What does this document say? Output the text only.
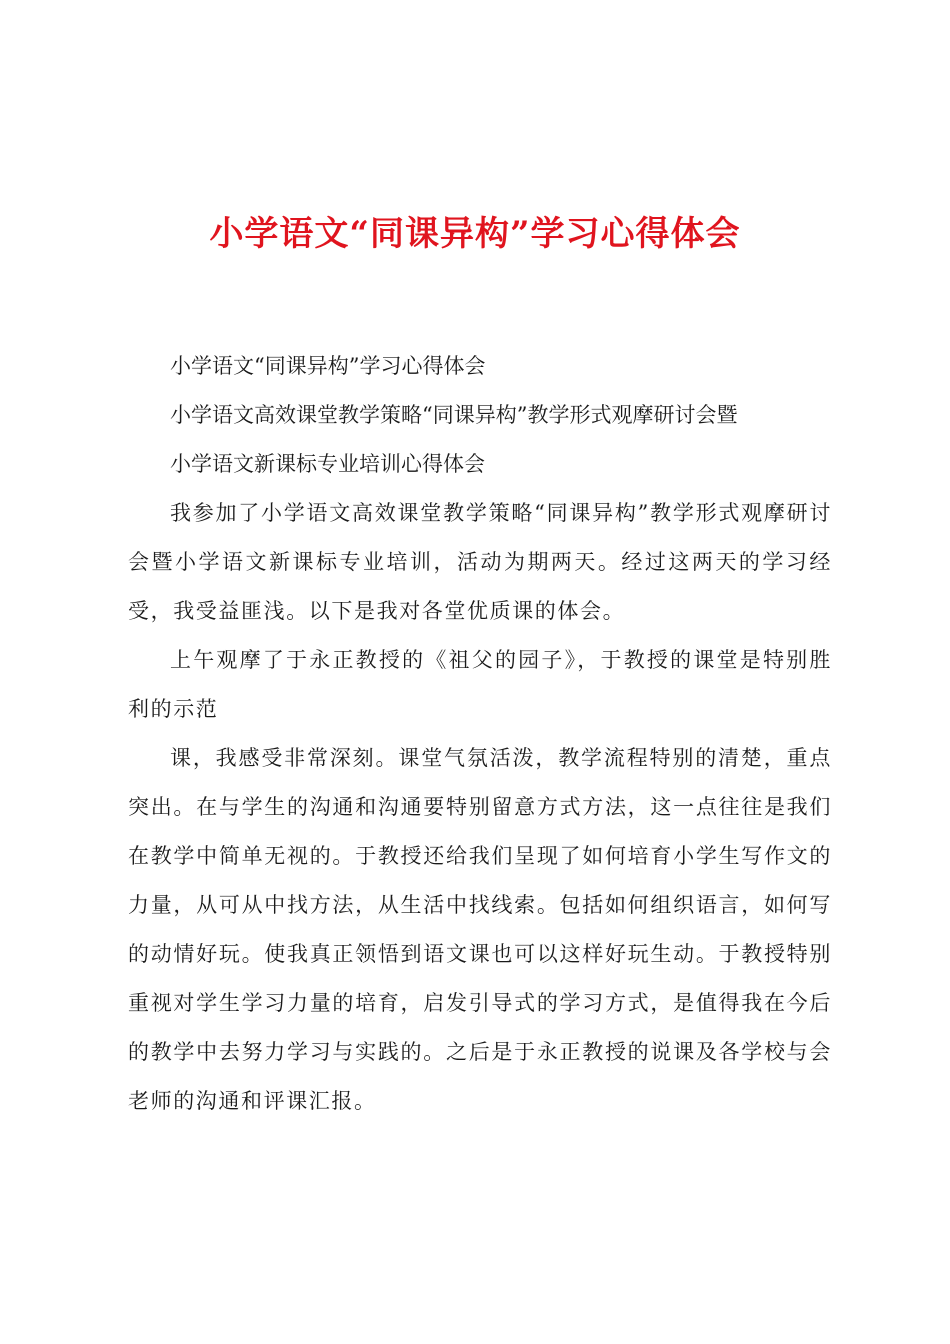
小学语文“同课异构”学习心得体会

小学语文“同课异构”学习心得体会

小学语文高效课堂教学策略“同课异构”教学形式观摩研讨会暨

小学语文新课标专业培训心得体会

我参加了小学语文高效课堂教学策略“同课异构”教学形式观摩研讨会暨小学语文新课标专业培训，活动为期两天。经过这两天的学习经受，我受益匪浅。以下是我对各堂优质课的体会。

上午观摩了于永正教授的《祖父的园子》，于教授的课堂是特别胜利的示范

课，我感受非常深刻。课堂气氛活泼，教学流程特别的清楚，重点突出。在与学生的沟通和沟通要特别留意方式方法，这一点往往是我们在教学中简单无视的。于教授还给我们呈现了如何培育小学生写作文的力量，从可从中找方法，从生活中找线索。包括如何组织语言，如何写的动情好玩。使我真正领悟到语文课也可以这样好玩生动。于教授特别重视对学生学习力量的培育，启发引导式的学习方式，是值得我在今后的教学中去努力学习与实践的。之后是于永正教授的说课及各学校与会老师的沟通和评课汇报。
